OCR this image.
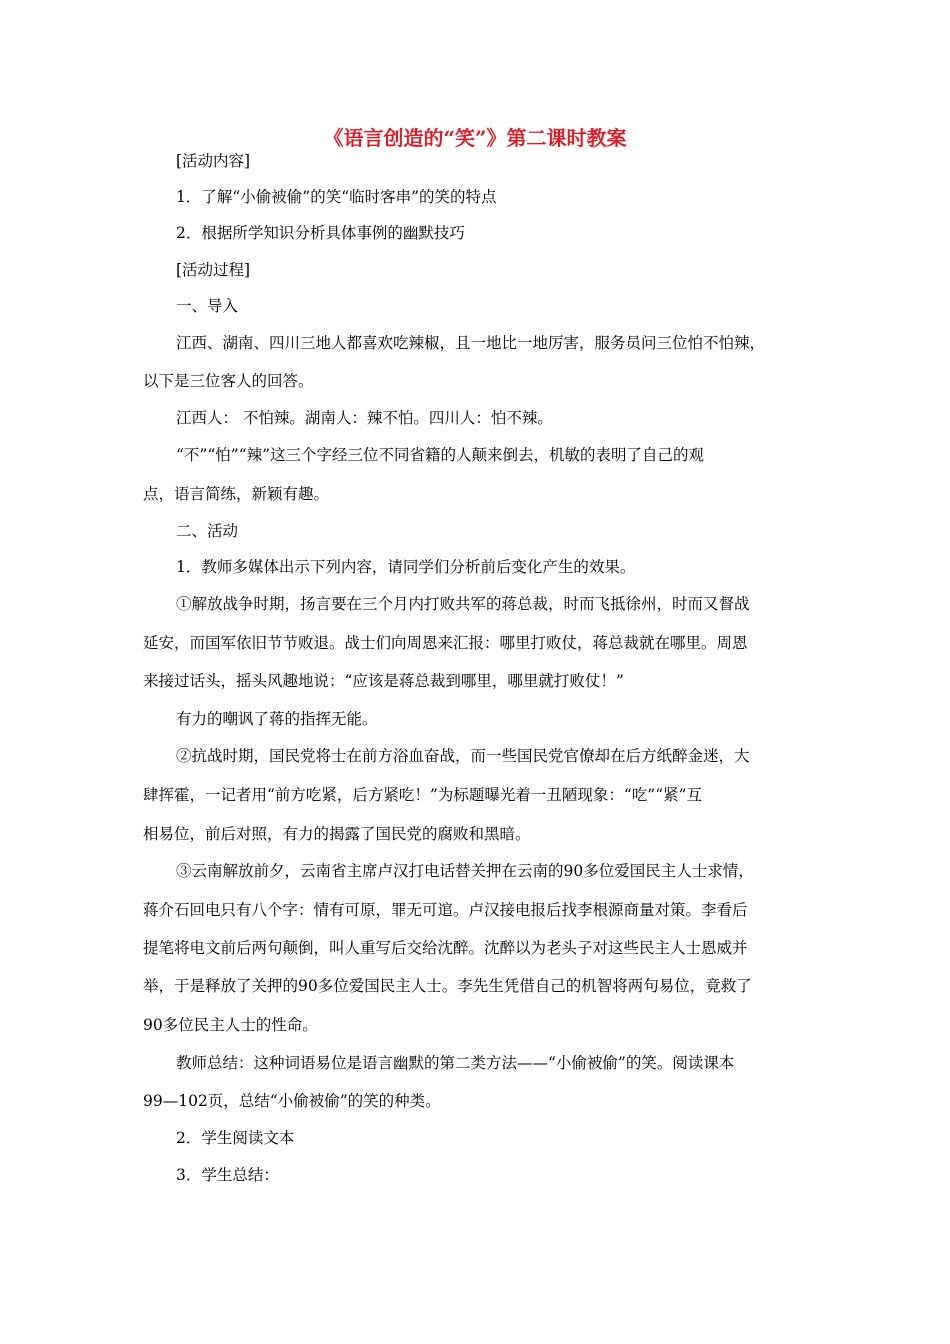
《语言创造的“笑”》第二课时教案
[活动内容]
1．了解“小偷被偷”的笑“临时客串”的笑的特点
2．根据所学知识分析具体事例的幽默技巧
[活动过程]
一、导入
江西、湖南、四川三地人都喜欢吃辣椒，且一地比一地厉害，服务员问三位怕不怕辣，
以下是三位客人的回答。
江西人： 不怕辣。湖南人：辣不怕。四川人：怕不辣。
“不”“怕”“辣”这三个字经三位不同省籍的人颠来倒去，机敏的表明了自己的观
点，语言简练，新颖有趣。
二、活动
1．教师多媒体出示下列内容，请同学们分析前后变化产生的效果。
①解放战争时期，扬言要在三个月内打败共军的蒋总裁，时而飞抵徐州，时而又督战
延安，而国军依旧节节败退。战士们向周恩来汇报：哪里打败仗，蒋总裁就在哪里。周恩
来接过话头，摇头风趣地说：“应该是蒋总裁到哪里，哪里就打败仗！”
有力的嘲讽了蒋的指挥无能。
②抗战时期，国民党将士在前方浴血奋战，而一些国民党官僚却在后方纸醉金迷，大
肆挥霍，一记者用“前方吃紧，后方紧吃！”为标题曝光着一丑陋现象：“吃”“紧”互
相易位，前后对照，有力的揭露了国民党的腐败和黑暗。
③云南解放前夕，云南省主席卢汉打电话替关押在云南的90多位爱国民主人士求情，
蒋介石回电只有八个字：情有可原，罪无可逭。卢汉接电报后找李根源商量对策。李看后
提笔将电文前后两句颠倒，叫人重写后交给沈醉。沈醉以为老头子对这些民主人士恩威并
举，于是释放了关押的90多位爱国民主人士。李先生凭借自己的机智将两句易位，竟救了
90多位民主人士的性命。
教师总结：这种词语易位是语言幽默的第二类方法——“小偷被偷”的笑。阅读课本
99—102页，总结“小偷被偷”的笑的种类。
2．学生阅读文本
3．学生总结：
